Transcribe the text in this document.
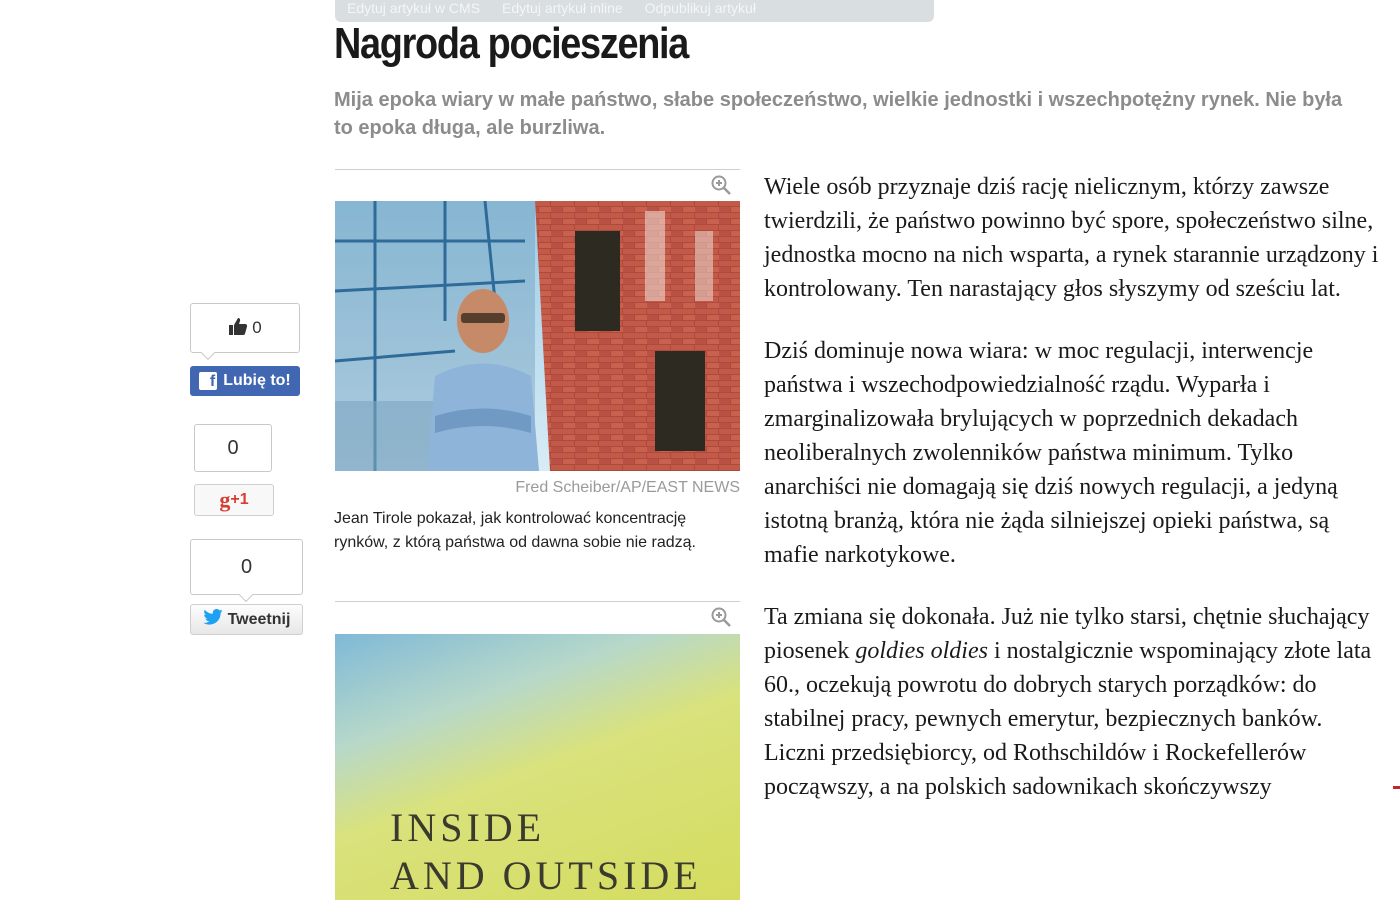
Edytuj artykuł w CMS Edytuj artykuł inline Odpublikuj artykuł
Nagroda pocieszenia

Mija epoka wiary w małe państwo, słabe społeczeństwo, wielkie jednostki i wszechpotężny rynek. Nie była to epoka długa, ale burzliwa.

0
f Lubię to!
0
g +1
0
Tweetnij
Fred Scheiber/AP/EAST NEWS

Jean Tirole pokazał, jak kontrolować koncentrację rynków, z którą państwa od dawna sobie nie radzą.

INSIDE
AND OUTSIDE

Wiele osób przyznaje dziś rację nielicznym, którzy zawsze twierdzili, że państwo powinno być spore, społeczeństwo silne, jednostka mocno na nich wsparta, a rynek starannie urządzony i kontrolowany. Ten narastający głos słyszymy od sześciu lat.

Dziś dominuje nowa wiara: w moc regulacji, interwencje państwa i wszechodpowiedzialność rządu. Wyparła i zmarginalizowała brylujących w poprzednich dekadach neoliberalnych zwolenników państwa minimum. Tylko anarchiści nie domagają się dziś nowych regulacji, a jedyną istotną branżą, która nie żąda silniejszej opieki państwa, są mafie narkotykowe.

Ta zmiana się dokonała. Już nie tylko starsi, chętnie słuchający piosenek goldies oldies i nostalgicznie wspominający złote lata 60., oczekują powrotu do dobrych starych porządków: do stabilnej pracy, pewnych emerytur, bezpiecznych banków. Liczni przedsiębiorcy, od Rothschildów i Rockefellerów począwszy, a na polskich sadownikach skończywszy
